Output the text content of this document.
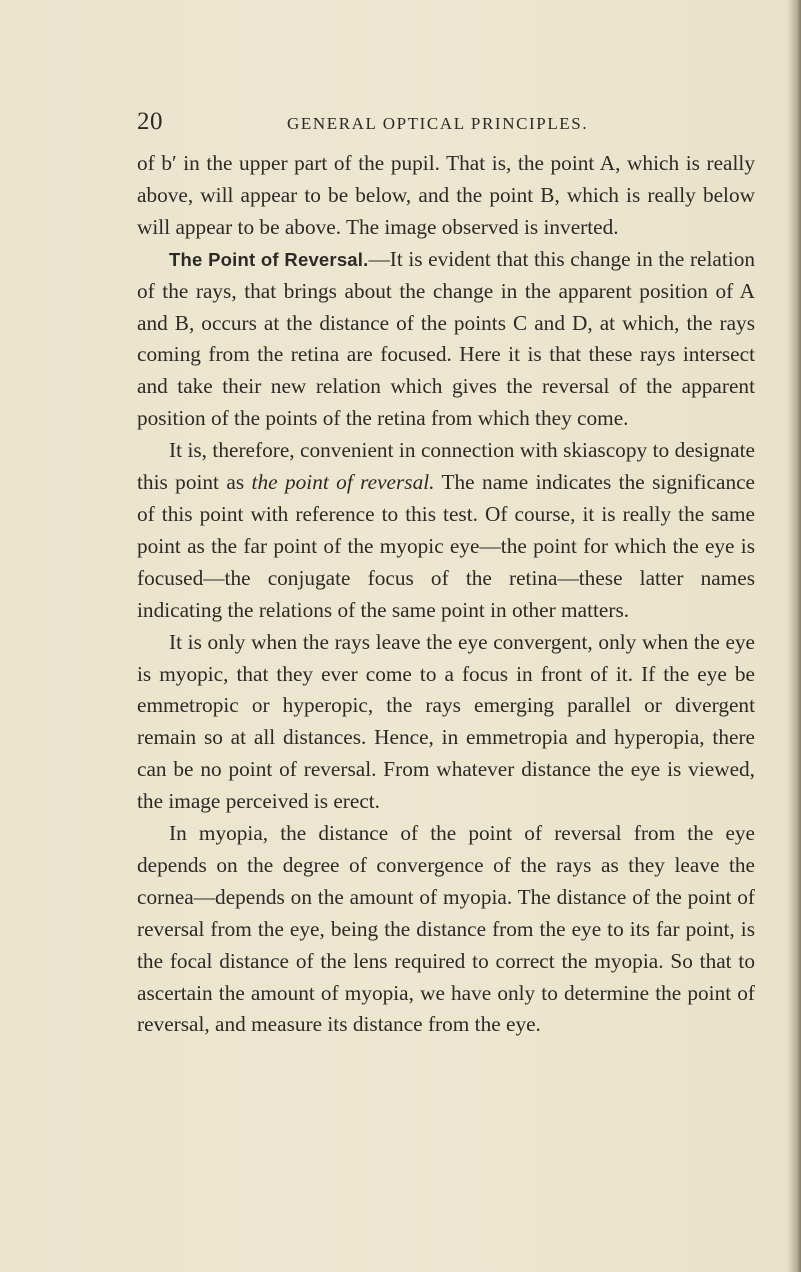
20	GENERAL OPTICAL PRINCIPLES.

of b′ in the upper part of the pupil. That is, the point A, which is really above, will appear to be below, and the point B, which is really below will appear to be above. The image observed is inverted.

The Point of Reversal.—It is evident that this change in the relation of the rays, that brings about the change in the apparent position of A and B, occurs at the distance of the points C and D, at which, the rays coming from the retina are focused. Here it is that these rays intersect and take their new relation which gives the reversal of the apparent position of the points of the retina from which they come.

It is, therefore, convenient in connection with skiascopy to designate this point as the point of reversal. The name indicates the significance of this point with reference to this test. Of course, it is really the same point as the far point of the myopic eye—the point for which the eye is focused—the conjugate focus of the retina—these latter names indicating the relations of the same point in other matters.

It is only when the rays leave the eye convergent, only when the eye is myopic, that they ever come to a focus in front of it. If the eye be emmetropic or hyperopic, the rays emerging parallel or divergent remain so at all distances. Hence, in emmetropia and hyperopia, there can be no point of reversal. From whatever distance the eye is viewed, the image perceived is erect.

In myopia, the distance of the point of reversal from the eye depends on the degree of convergence of the rays as they leave the cornea—depends on the amount of myopia. The distance of the point of reversal from the eye, being the distance from the eye to its far point, is the focal distance of the lens required to correct the myopia. So that to ascertain the amount of myopia, we have only to determine the point of reversal, and measure its distance from the eye.
